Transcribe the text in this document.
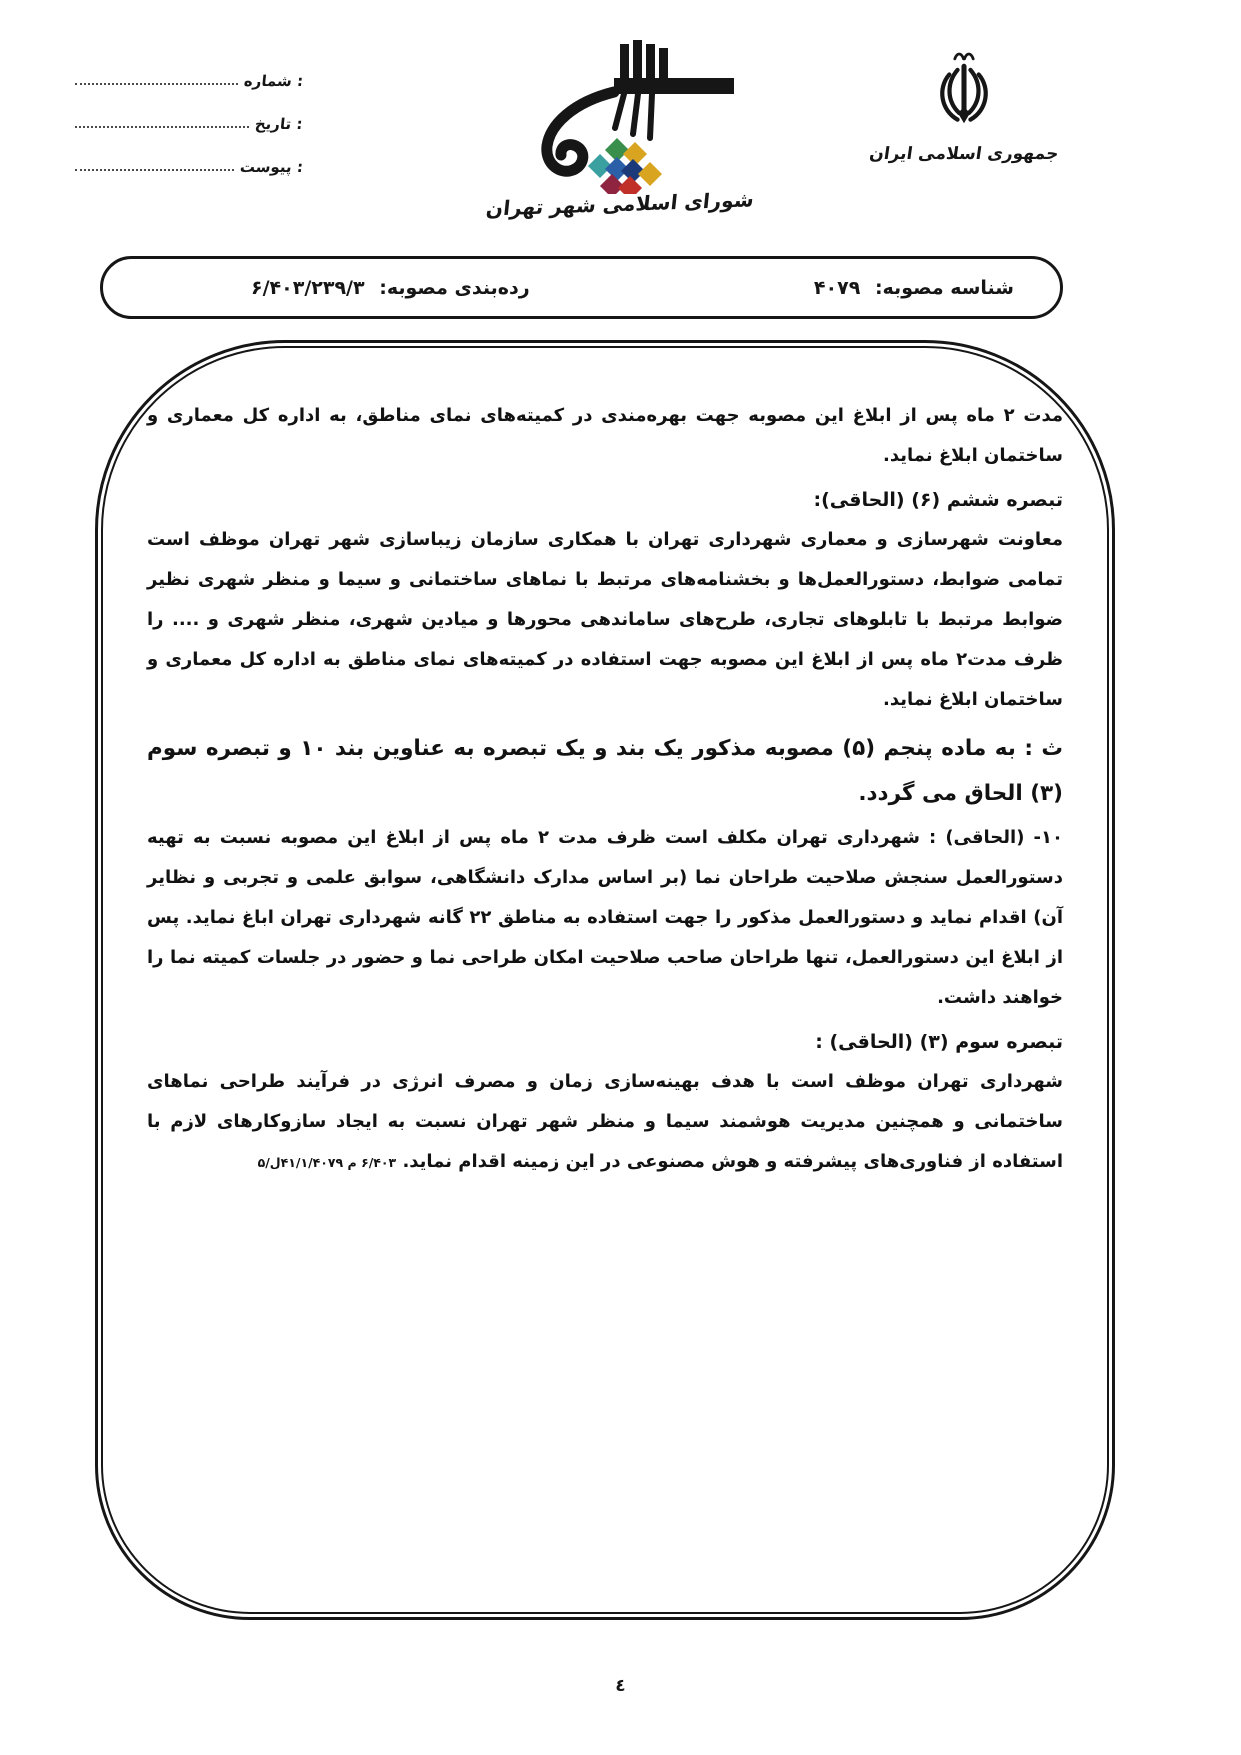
شماره :
تاریخ :
پیوست :
شورای اسلامی شهر تهران
جمهوری اسلامی ایران
شناسه مصوبه: ۴۰۷۹
رده‌بندی مصوبه: ۶/۴۰۳/۲۳۹/۳

مدت ۲ ماه پس از ابلاغ این مصوبه جهت بهره‌مندی در کمیته‌های نمای مناطق، به اداره کل معماری و ساختمان ابلاغ نماید.

تبصره ششم (۶) (الحاقی):

معاونت شهرسازی و معماری شهرداری تهران با همکاری سازمان زیباسازی شهر تهران موظف است تمامی ضوابط، دستورالعمل‌ها و بخشنامه‌های مرتبط با نماهای ساختمانی و سیما و منظر شهری نظیر ضوابط مرتبط با تابلوهای تجاری، طرح‌های ساماندهی محورها و میادین شهری، منظر شهری و .... را ظرف مدت۲ ماه پس از ابلاغ این مصوبه جهت استفاده در کمیته‌های نمای مناطق به اداره کل معماری و ساختمان ابلاغ نماید.

ث : به ماده پنجم (۵) مصوبه مذکور یک بند و یک تبصره به عناوین بند ۱۰ و تبصره سوم (۳) الحاق می گردد.

۱۰- (الحاقی) : شهرداری تهران مکلف است ظرف مدت ۲ ماه پس از ابلاغ این مصوبه نسبت به تهیه دستورالعمل سنجش صلاحیت طراحان نما (بر اساس مدارک دانشگاهی، سوابق علمی و تجربی و نظایر آن) اقدام نماید و دستورالعمل مذکور را جهت استفاده به مناطق ۲۲ گانه شهرداری تهران اباغ نماید. پس از ابلاغ این دستورالعمل، تنها طراحان صاحب صلاحیت امکان طراحی نما و حضور در جلسات کمیته نما را خواهند داشت.

تبصره سوم (۳) (الحاقی) :

شهرداری تهران موظف است با هدف بهینه‌سازی زمان و مصرف انرژی در فرآیند طراحی نماهای ساختمانی و همچنین مدیریت هوشمند سیما و منظر شهر تهران نسبت به ایجاد سازوکارهای لازم با استفاده از فناوری‌های پیشرفته و هوش مصنوعی در این زمینه اقدام نماید. ۶/۴۰۳ م ۴۱/۱/۴۰۷۹ل/۵

٤
